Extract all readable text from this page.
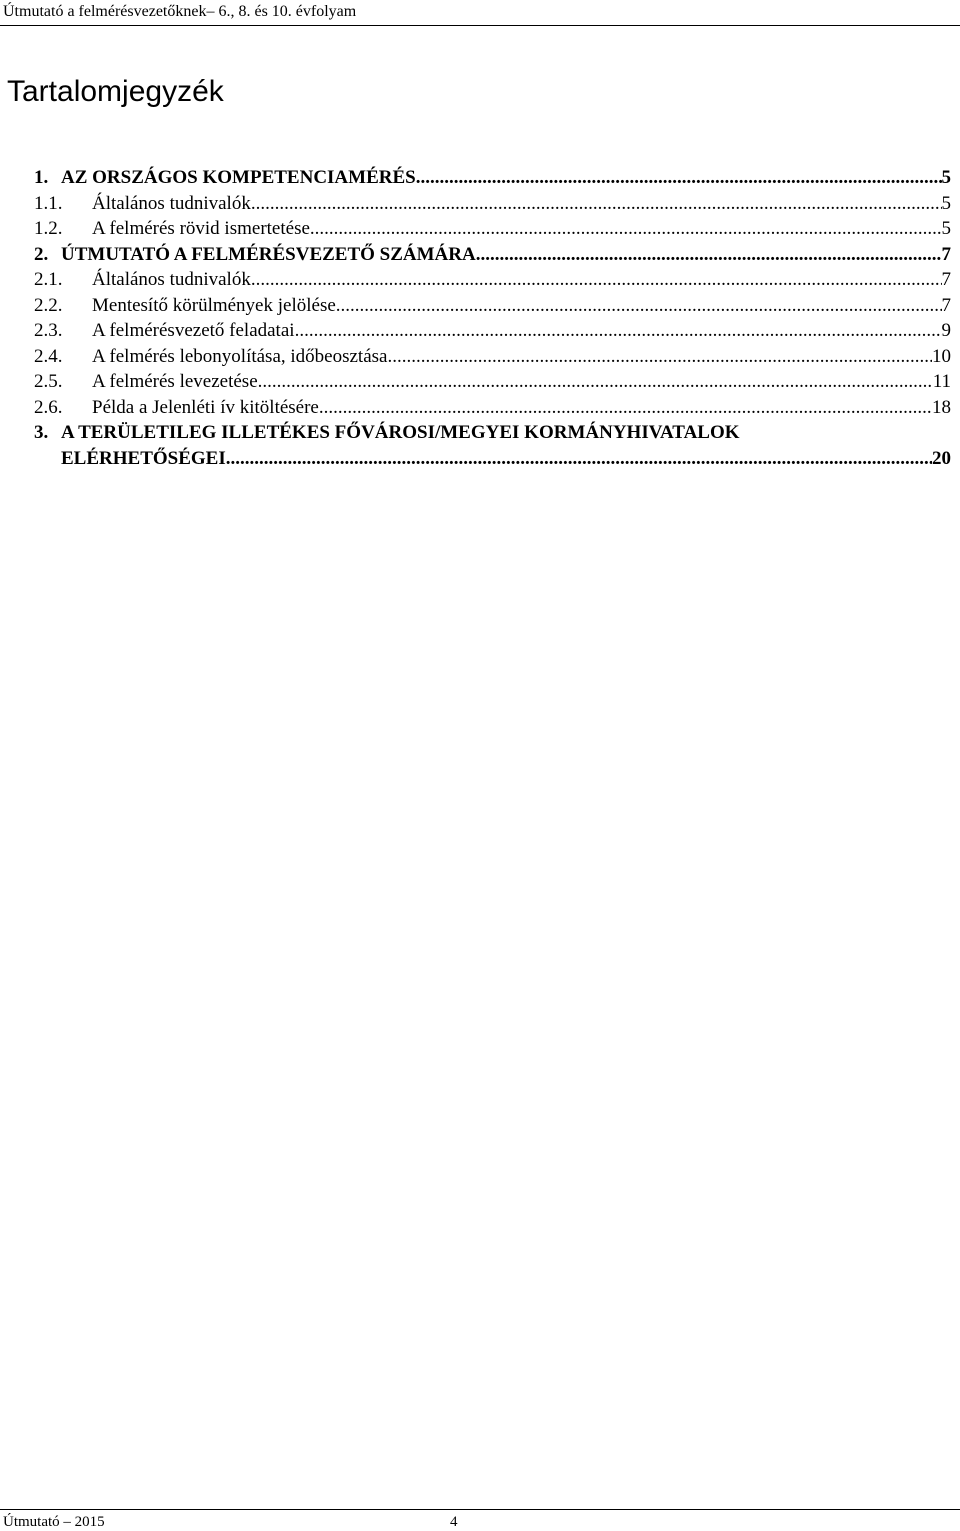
Útmutató a felmérésvezetőknek– 6., 8. és 10. évfolyam
Tartalomjegyzék
1. AZ ORSZÁGOS KOMPETENCIAMÉRÉS .....	5
1.1.	Általános tudnivalók .....	5
1.2.	A felmérés rövid ismertetése .....	5
2. ÚTMUTATÓ A FELMÉRÉSVEZETŐ SZÁMÁRA .....	7
2.1.	Általános tudnivalók .....	7
2.2.	Mentesítő körülmények jelölése .....	7
2.3.	A felmérésvezető feladatai .....	9
2.4.	A felmérés lebonyolítása, időbeosztása .....	10
2.5.	A felmérés levezetése .....	11
2.6.	Példa a Jelenléti ív kitöltésére .....	18
3. A TERÜLETILEG ILLETÉKES FŐVÁROSI/MEGYEI KORMÁNYHIVATALOK
ELÉRHETŐSÉGEI .....	20
Útmutató – 2015	4
